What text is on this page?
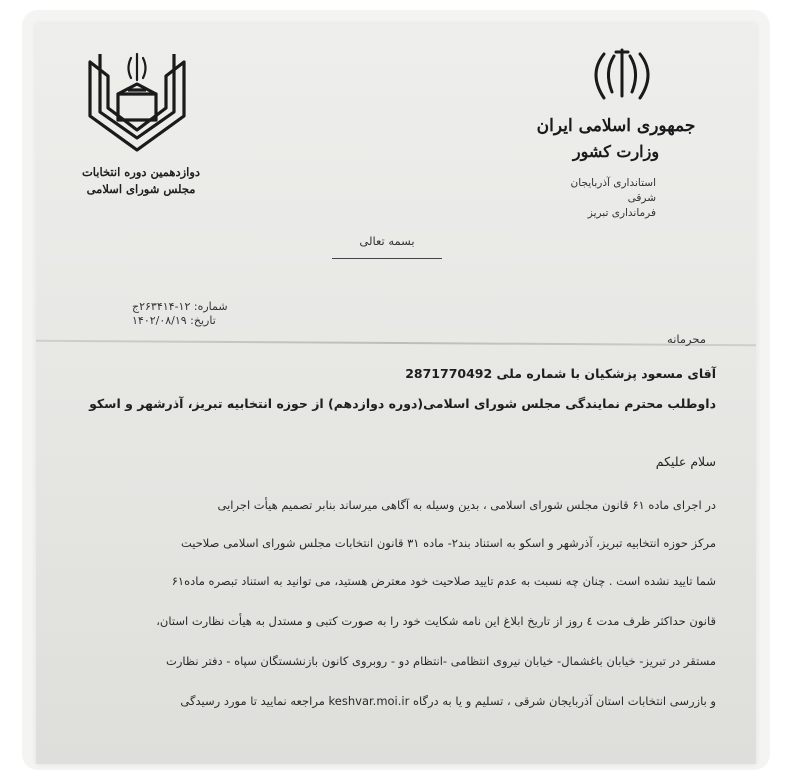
جمهوری اسلامی ایران
وزارت کشور
استانداری آذربایجان
شرقی
فرمانداری تبریز
دوازدهمین دوره انتخابات
مجلس شورای اسلامی
بسمه تعالی
شماره: ۱۲-۲۶۳۴۱۴ج
تاریخ: ۱۴۰۲/۰۸/۱۹
محرمانه
آقای مسعود پزشکیان با شماره ملی 2871770492
داوطلب محترم نمایندگی مجلس شورای اسلامی(دوره دوازدهم) از حوزه انتخابیه تبریز، آذرشهر و اسکو
سلام علیکم
در اجرای ماده ۶۱ قانون مجلس شورای اسلامی ، بدین وسیله به آگاهی میرساند بنابر تصمیم هیأت اجرایی
مرکز حوزه انتخابیه تبریز، آذرشهر و اسکو به استناد بند۲- ماده ۳۱ قانون انتخابات مجلس شورای اسلامی صلاحیت
شما تایید نشده است . چنان چه نسبت به عدم تایید صلاحیت خود معترض هستید، می توانید به استناد تبصره ماده۶۱
قانون حداکثر ظرف مدت ٤ روز از تاریخ ابلاغ این نامه شکایت خود را به صورت کتبی و مستدل به هیأت نظارت استان،
مستقر در تبریز- خیابان باغشمال- خیابان نیروی انتظامی -انتظام دو - روبروی کانون بازنشستگان سپاه - دفتر نظارت
و بازرسی انتخابات استان آذربایجان شرقی ، تسلیم و یا به درگاه keshvar.moi.ir مراجعه نمایید تا مورد رسیدگی
